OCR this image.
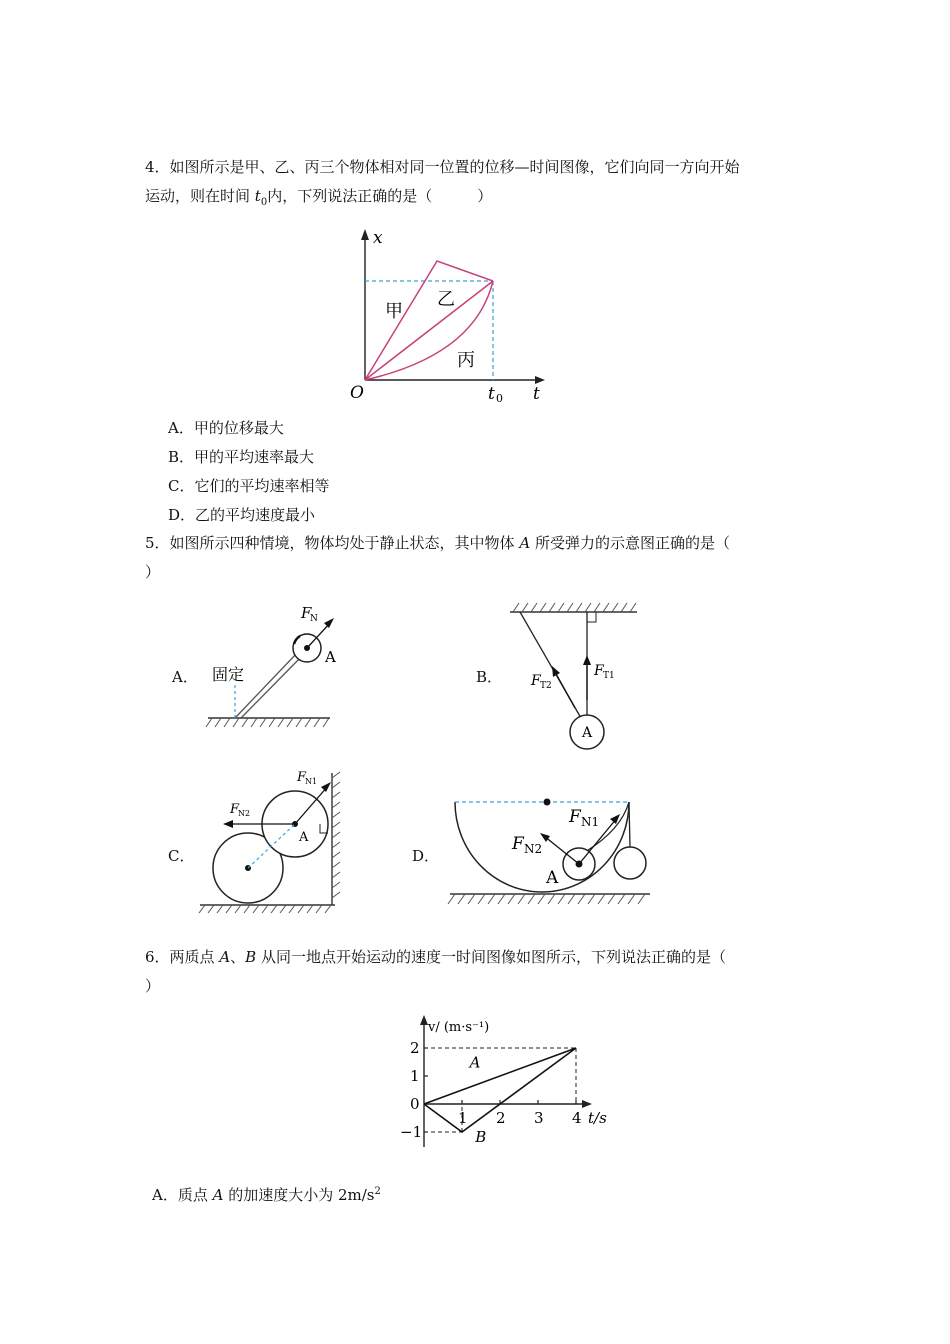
4．如图所示是甲、乙、丙三个物体相对同一位置的位移—时间图像，它们向同一方向开始
运动，则在时间 $t_0$内，下列说法正确的是（　　　）
x
t
O	t 0
甲
乙
丙
A．甲的位移最大
B．甲的平均速率最大
C．它们的平均速率相等
D．乙的平均速度最小
5．如图所示四种情境，物体均处于静止状态，其中物体 A 所受弹力的示意图正确的是（
）
A．
F
N
A
固定	B．
A
F T1
F T2
C．
A
F
N1
F
N2
D．
A
F N1
F N2
6．两质点 A、B 从同一地点开始运动的速度一时间图像如图所示，下列说法正确的是（
）
v/ (m·s⁻¹)
t/s
1 2 3 4
2
1
0
−1
A
B
A．质点 A 的加速度大小为 $2m/s^2$
